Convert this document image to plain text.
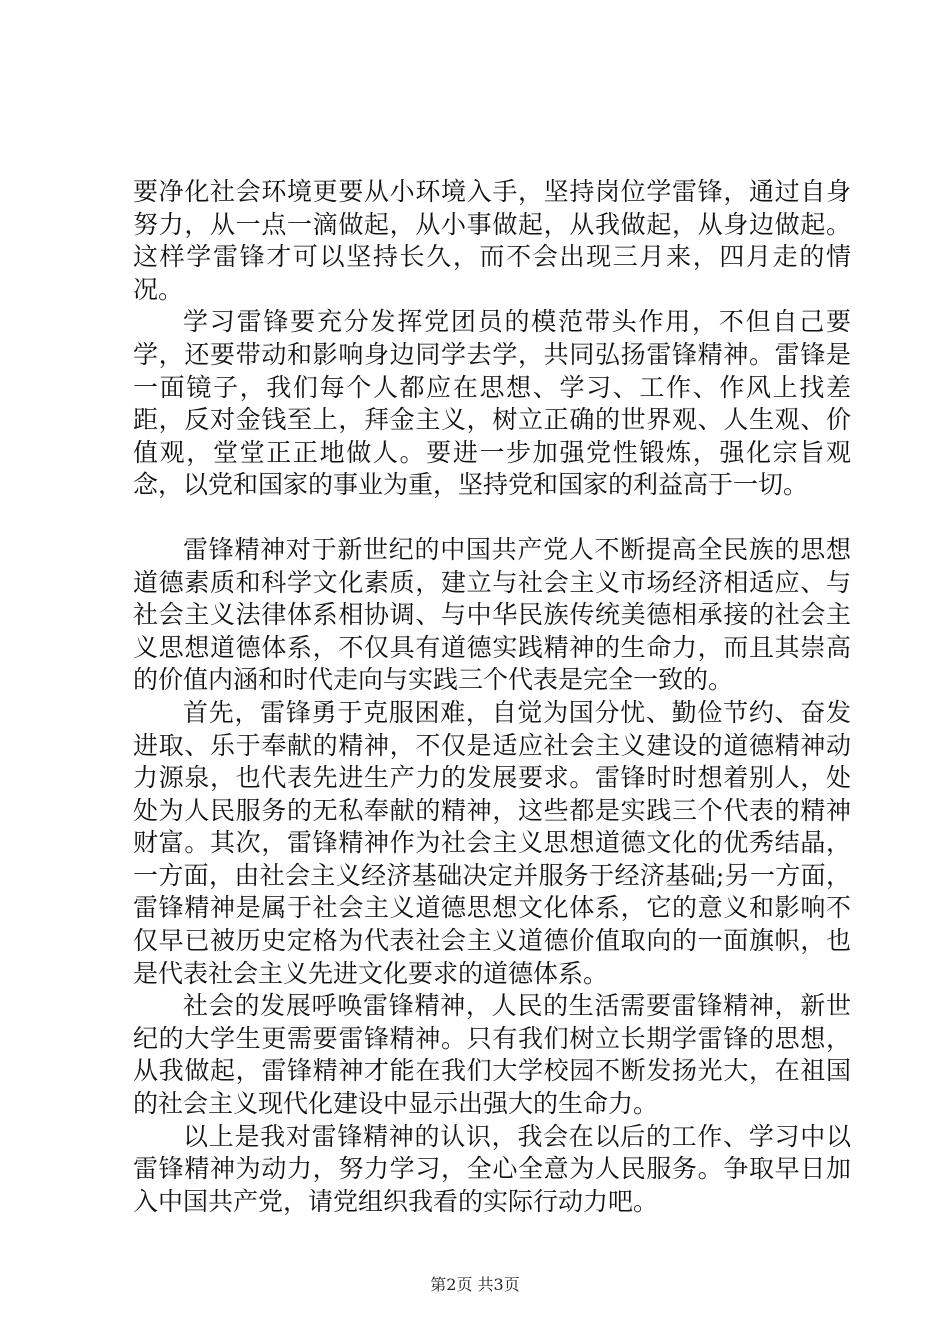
要净化社会环境更要从小环境入手，坚持岗位学雷锋，通过自身努力，从一点一滴做起，从小事做起，从我做起，从身边做起。这样学雷锋才可以坚持长久，而不会出现三月来，四月走的情况。

学习雷锋要充分发挥党团员的模范带头作用，不但自己要学，还要带动和影响身边同学去学，共同弘扬雷锋精神。雷锋是一面镜子，我们每个人都应在思想、学习、工作、作风上找差距，反对金钱至上，拜金主义，树立正确的世界观、人生观、价值观，堂堂正正地做人。要进一步加强党性锻炼，强化宗旨观念，以党和国家的事业为重，坚持党和国家的利益高于一切。

雷锋精神对于新世纪的中国共产党人不断提高全民族的思想道德素质和科学文化素质，建立与社会主义市场经济相适应、与社会主义法律体系相协调、与中华民族传统美德相承接的社会主义思想道德体系，不仅具有道德实践精神的生命力，而且其崇高的价值内涵和时代走向与实践三个代表是完全一致的。

首先，雷锋勇于克服困难，自觉为国分忧、勤俭节约、奋发进取、乐于奉献的精神，不仅是适应社会主义建设的道德精神动力源泉，也代表先进生产力的发展要求。雷锋时时想着别人，处处为人民服务的无私奉献的精神，这些都是实践三个代表的精神财富。其次，雷锋精神作为社会主义思想道德文化的优秀结晶，一方面，由社会主义经济基础决定并服务于经济基础;另一方面，雷锋精神是属于社会主义道德思想文化体系，它的意义和影响不仅早已被历史定格为代表社会主义道德价值取向的一面旗帜，也是代表社会主义先进文化要求的道德体系。

社会的发展呼唤雷锋精神，人民的生活需要雷锋精神，新世纪的大学生更需要雷锋精神。只有我们树立长期学雷锋的思想，从我做起，雷锋精神才能在我们大学校园不断发扬光大，在祖国的社会主义现代化建设中显示出强大的生命力。

以上是我对雷锋精神的认识，我会在以后的工作、学习中以雷锋精神为动力，努力学习，全心全意为人民服务。争取早日加入中国共产党，请党组织我看的实际行动力吧。

第2页 共3页
